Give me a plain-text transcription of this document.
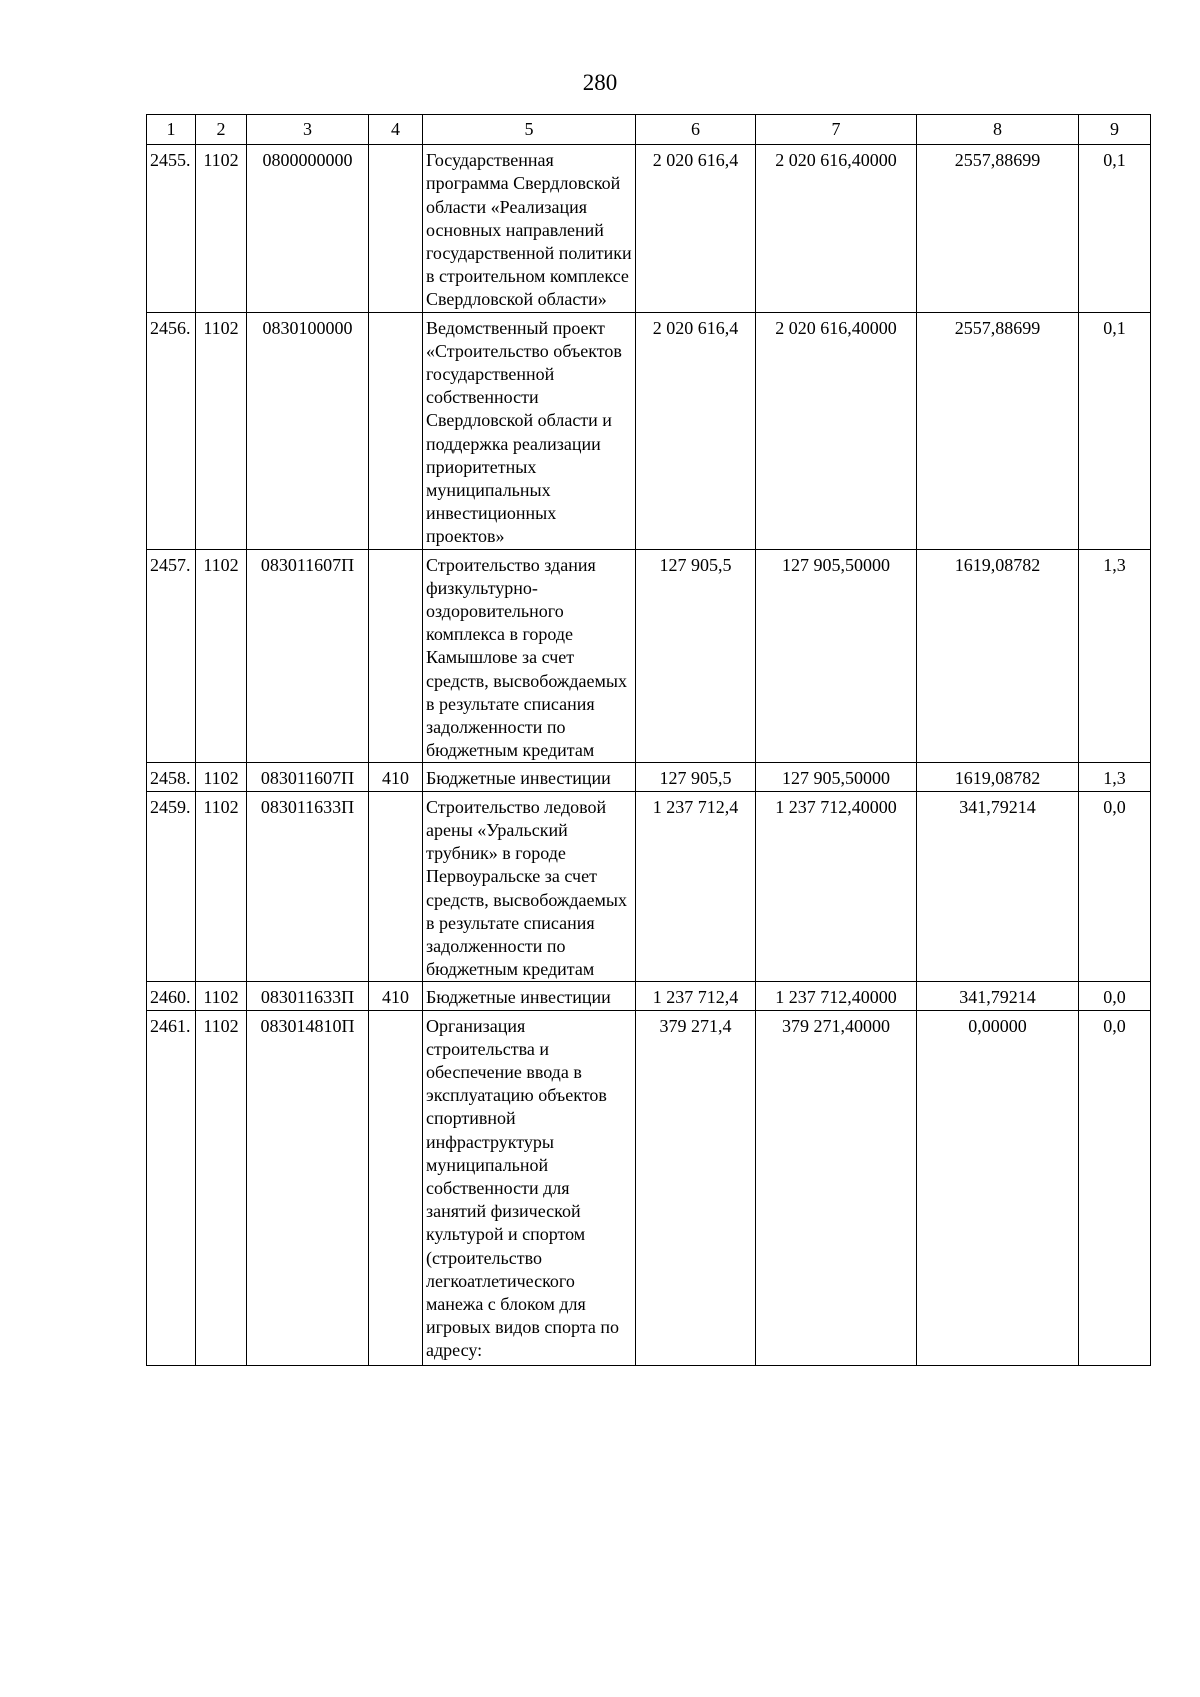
280
1	2	3	4	5	6	7	8	9
2455.	1102	0800000000		Государственная программа Свердловской области «Реализация основных направлений государственной политики в строительном комплексе Свердловской области»	2 020 616,4	2 020 616,40000	2557,88699	0,1
2456.	1102	0830100000		Ведомственный проект «Строительство объектов государственной собственности Свердловской области и поддержка реализации приоритетных муниципальных инвестиционных проектов»	2 020 616,4	2 020 616,40000	2557,88699	0,1
2457.	1102	083011607П		Строительство здания физкультурно-оздоровительного комплекса в городе Камышлове за счет средств, высвобождаемых в результате списания задолженности по бюджетным кредитам	127 905,5	127 905,50000	1619,08782	1,3
2458.	1102	083011607П	410	Бюджетные инвестиции	127 905,5	127 905,50000	1619,08782	1,3
2459.	1102	083011633П		Строительство ледовой арены «Уральский трубник» в городе Первоуральске за счет средств, высвобождаемых в результате списания задолженности по бюджетным кредитам	1 237 712,4	1 237 712,40000	341,79214	0,0
2460.	1102	083011633П	410	Бюджетные инвестиции	1 237 712,4	1 237 712,40000	341,79214	0,0
2461.	1102	083014810П		Организация строительства и обеспечение ввода в эксплуатацию объектов спортивной инфраструктуры муниципальной собственности для занятий физической культурой и спортом (строительство легкоатлетического манежа с блоком для игровых видов спорта по адресу:	379 271,4	379 271,40000	0,00000	0,0
